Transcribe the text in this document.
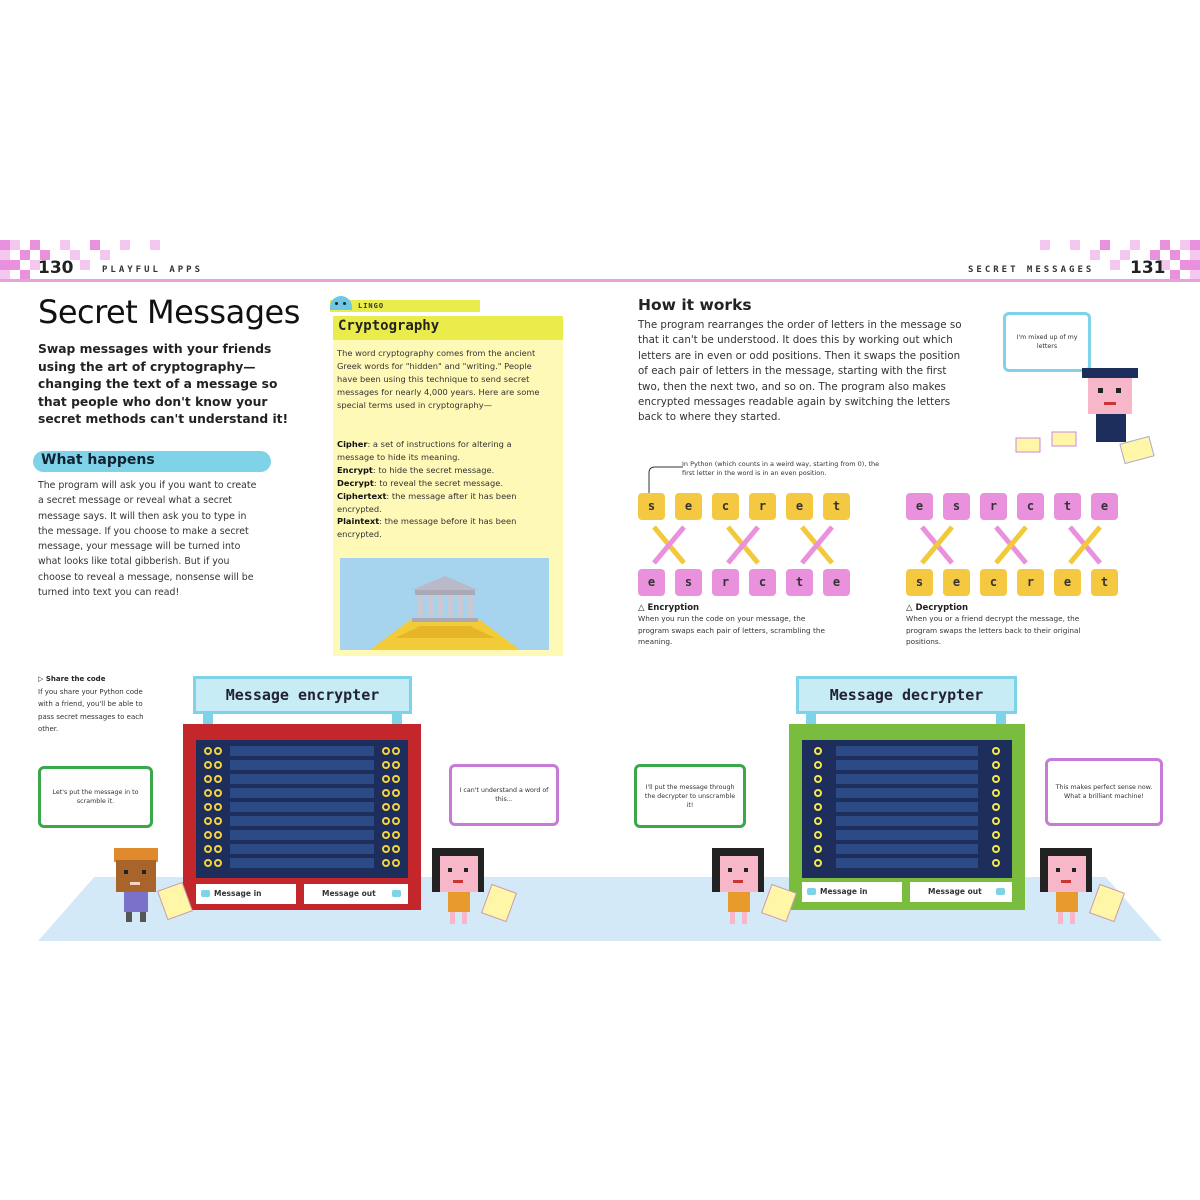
130	PLAYFUL APPS	SECRET MESSAGES 131
Secret Messages
Swap messages with your friends using the art of cryptography—changing the text of a message so that people who don't know your secret methods can't understand it!
What happens
The program will ask you if you want to create a secret message or reveal what a secret message says. It will then ask you to type in the message. If you choose to make a secret message, your message will be turned into what looks like total gibberish. But if you choose to reveal a message, nonsense will be turned into text you can read!
LINGO
Cryptography
The word cryptography comes from the ancient Greek words for "hidden" and "writing." People have been using this technique to send secret messages for nearly 4,000 years. Here are some special terms used in cryptography—
Cipher: a set of instructions for altering a message to hide its meaning.
Encrypt: to hide the secret message.
Decrypt: to reveal the secret message.
Ciphertext: the message after it has been encrypted.
Plaintext: the message before it has been encrypted.
How it works
The program rearranges the order of letters in the message so that it can't be understood. It does this by working out which letters are in even or odd positions. Then it swaps the position of each pair of letters in the message, starting with the first two, then the next two, and so on. The program also makes encrypted messages readable again by switching the letters back to where they started.
I'm mixed up of my letters
In Python (which counts in a weird way, starting from 0), the first letter in the word is in an even position.
s	e	c	r	e	t
e	s	r	c	t	e
△ Encryption
When you run the code on your message, the program swaps each pair of letters, scrambling the meaning.
e	s	r	c	t	e
s	e	c	r	e	t
△ Decryption
When you or a friend decrypt the message, the program swaps the letters back to their original positions.
▷ Share the code
If you share your Python code with a friend, you'll be able to pass secret messages to each other.
Message encrypter
Message in	Message out
Message decrypter
Message in	Message out
Let's put the message in to scramble it.
I can't understand a word of this...
I'll put the message through the decrypter to unscramble it!
This makes perfect sense now. What a brilliant machine!
